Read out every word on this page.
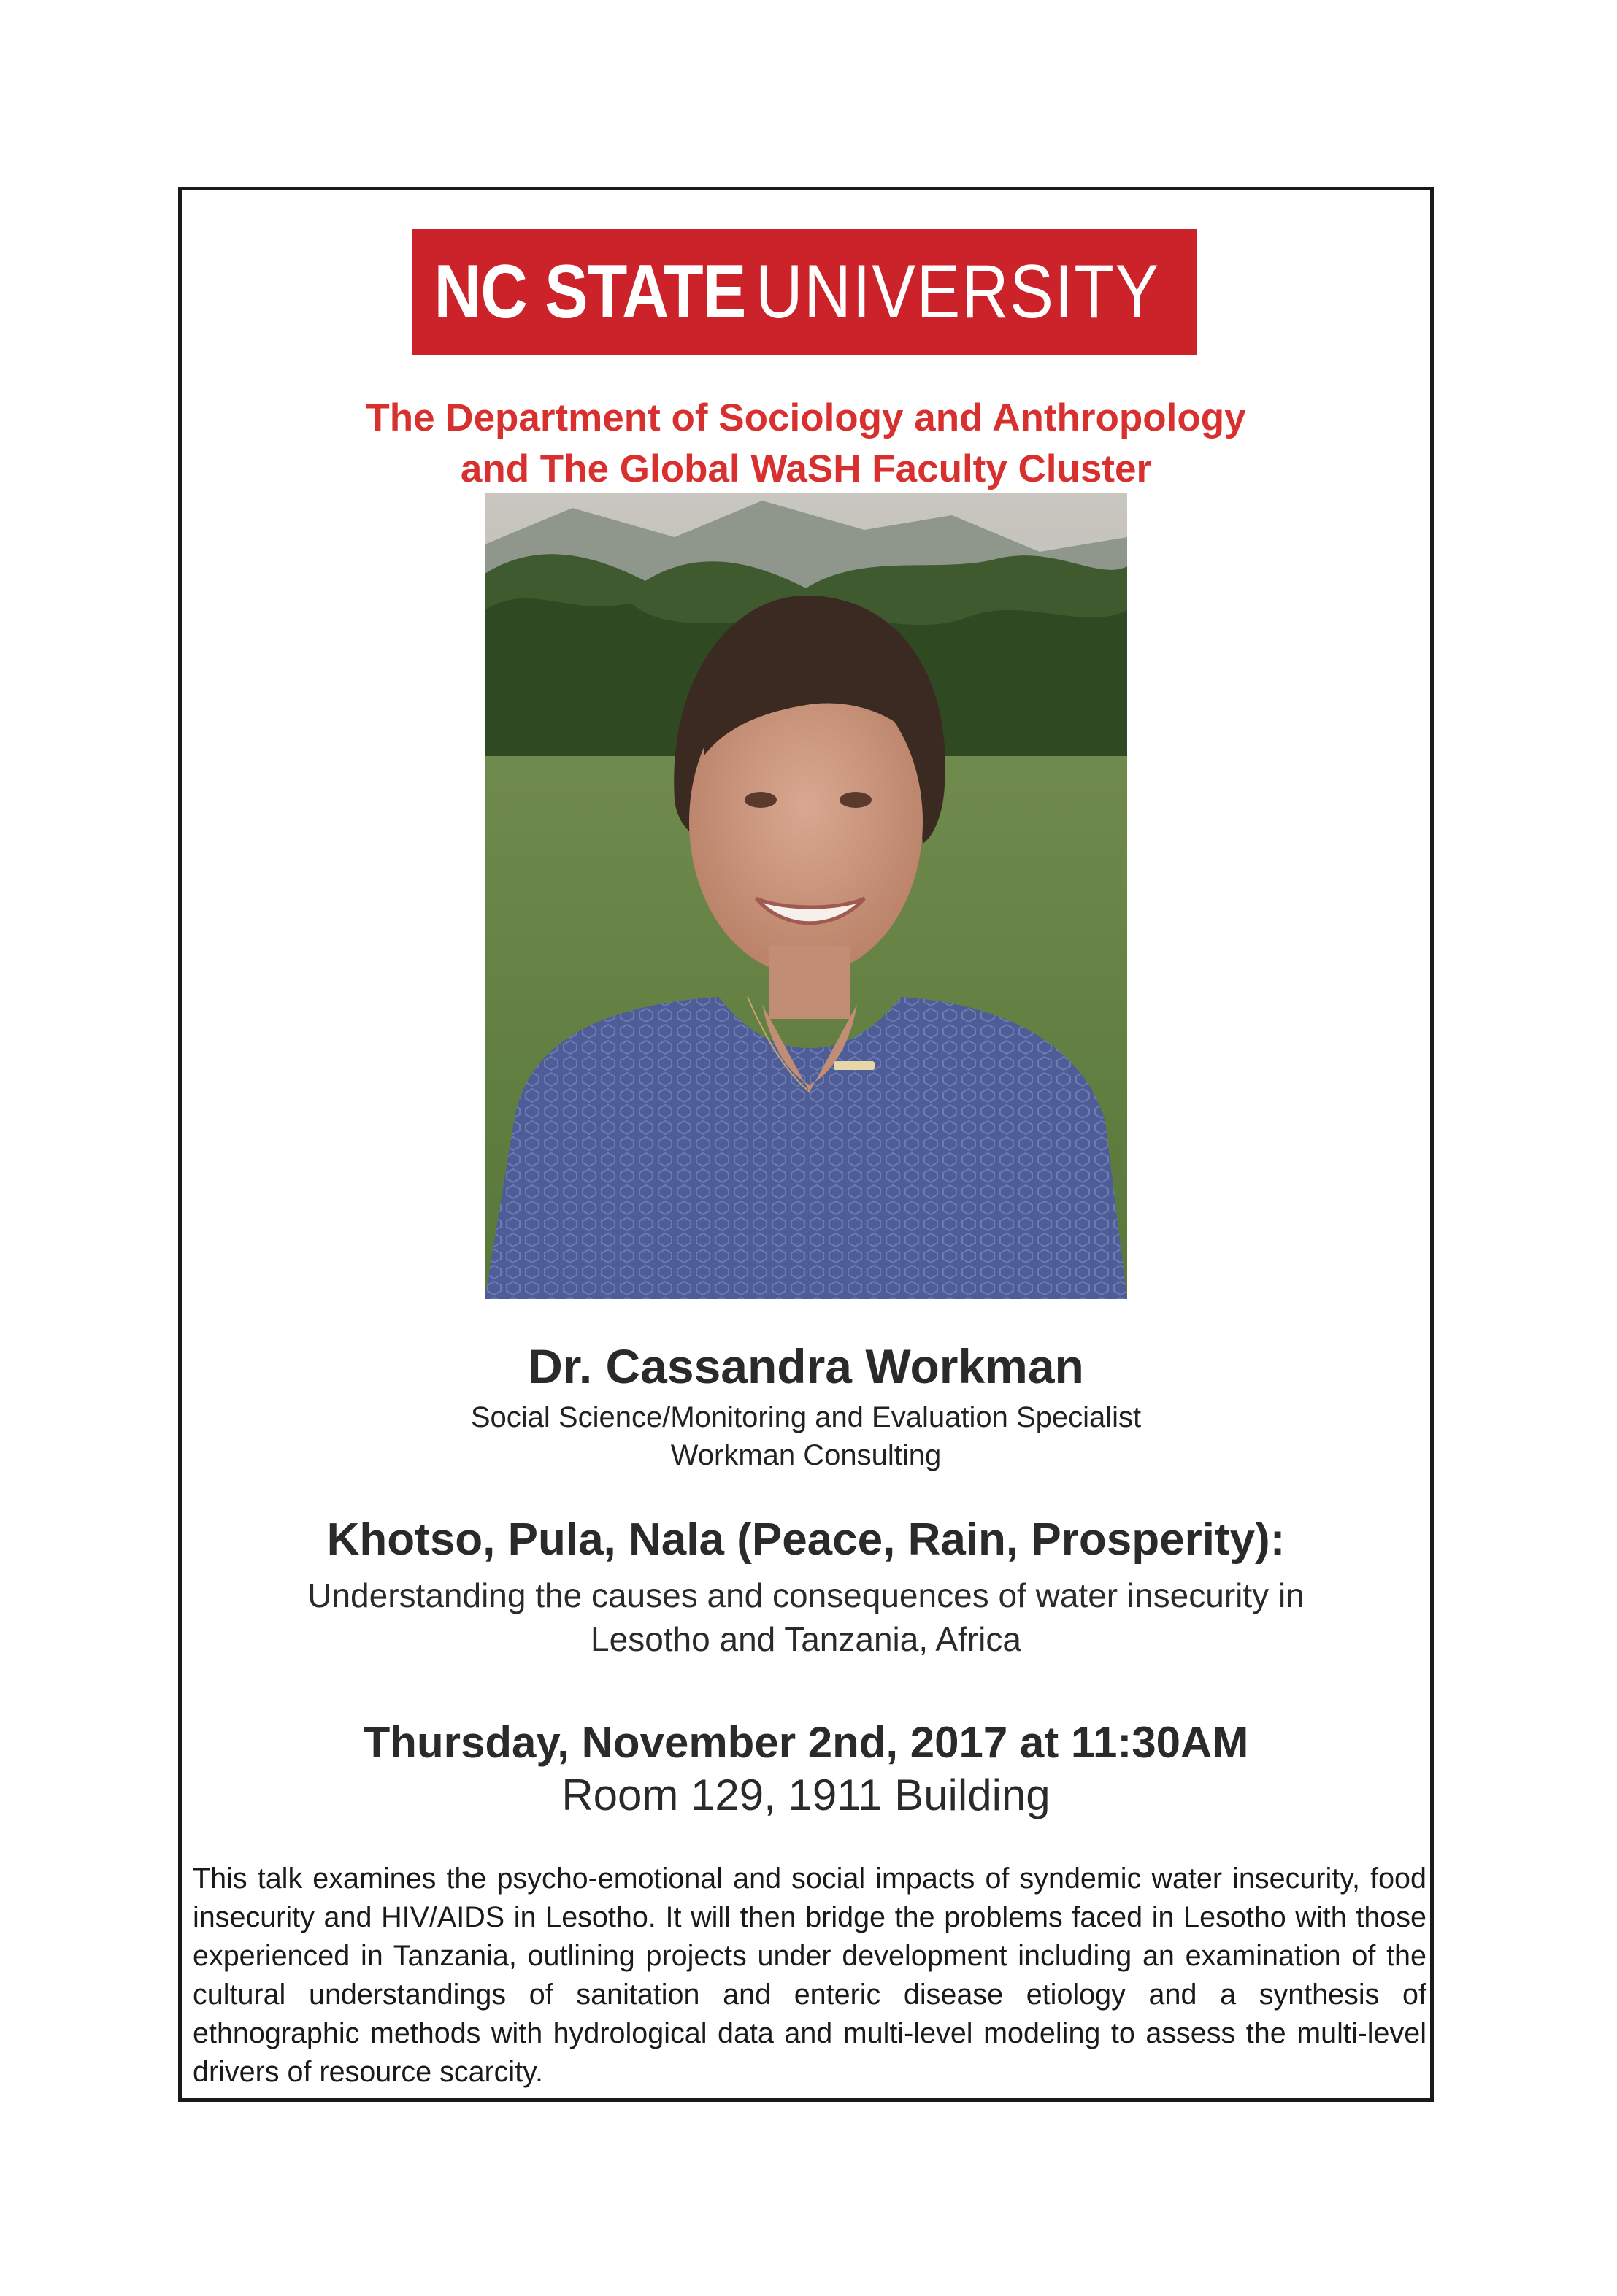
NC STATE UNIVERSITY
The Department of Sociology and Anthropology
and The Global WaSH Faculty Cluster
Dr. Cassandra Workman
Social Science/Monitoring and Evaluation Specialist
Workman Consulting
Khotso, Pula, Nala (Peace, Rain, Prosperity):
Understanding the causes and consequences of water insecurity in
Lesotho and Tanzania, Africa
Thursday, November 2nd, 2017 at 11:30AM
Room 129, 1911 Building
This talk examines the psycho-emotional and social impacts of syndemic water insecurity, food insecurity and HIV/AIDS in Lesotho. It will then bridge the problems faced in Lesotho with those experienced in Tanzania, outlining projects under development including an examination of the cultural understandings of sanitation and enteric disease etiology and a synthesis of ethnographic methods with hydrological data and multi-level modeling to assess the multi-level drivers of resource scarcity.
